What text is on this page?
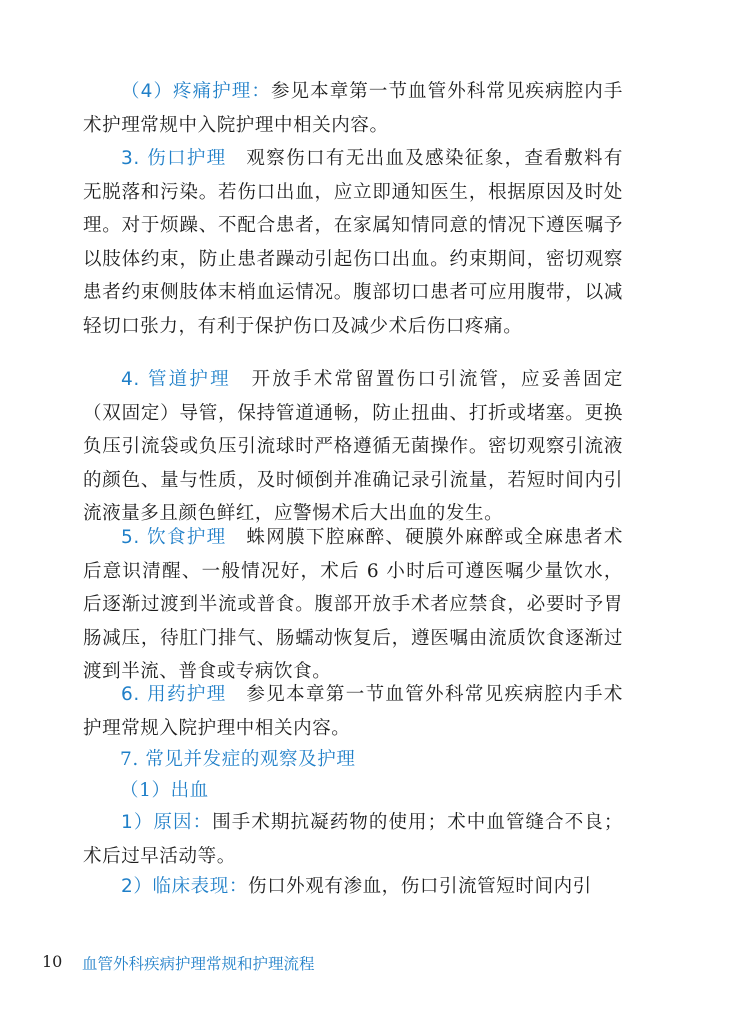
（4）疼痛护理：参见本章第一节血管外科常见疾病腔内手术护理常规中入院护理中相关内容。

3. 伤口护理　观察伤口有无出血及感染征象，查看敷料有无脱落和污染。若伤口出血，应立即通知医生，根据原因及时处理。对于烦躁、不配合患者，在家属知情同意的情况下遵医嘱予以肢体约束，防止患者躁动引起伤口出血。约束期间，密切观察患者约束侧肢体末梢血运情况。腹部切口患者可应用腹带，以减轻切口张力，有利于保护伤口及减少术后伤口疼痛。

4. 管道护理　开放手术常留置伤口引流管，应妥善固定（双固定）导管，保持管道通畅，防止扭曲、打折或堵塞。更换负压引流袋或负压引流球时严格遵循无菌操作。密切观察引流液的颜色、量与性质，及时倾倒并准确记录引流量，若短时间内引流液量多且颜色鲜红，应警惕术后大出血的发生。

5. 饮食护理　蛛网膜下腔麻醉、硬膜外麻醉或全麻患者术后意识清醒、一般情况好，术后 6 小时后可遵医嘱少量饮水，后逐渐过渡到半流或普食。腹部开放手术者应禁食，必要时予胃肠减压，待肛门排气、肠蠕动恢复后，遵医嘱由流质饮食逐渐过渡到半流、普食或专病饮食。

6. 用药护理　参见本章第一节血管外科常见疾病腔内手术护理常规入院护理中相关内容。

7. 常见并发症的观察及护理

（1）出血

1）原因：围手术期抗凝药物的使用；术中血管缝合不良；术后过早活动等。

2）临床表现：伤口外观有渗血，伤口引流管短时间内引

10 血管外科疾病护理常规和护理流程
